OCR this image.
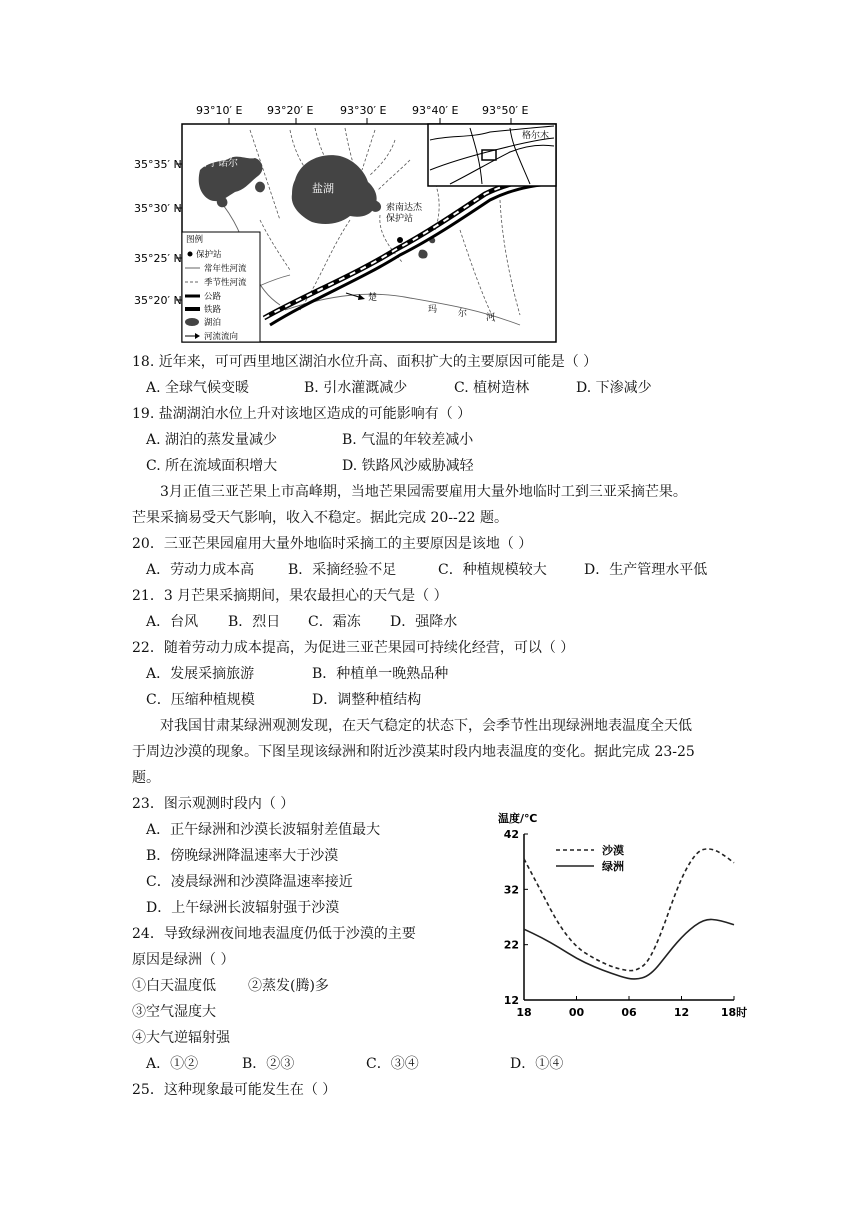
93°10′ E 93°20′ E 93°30′ E 93°40′ E 93°50′ E
35°35′ N
35°30′ N
35°25′ N
35°20′ N
图例
保护站
常年性河流
季节性河流
公路
铁路
湖泊
河流流向
海丁诺尔
盐湖
索南达杰 保护站
格尔木
楚
玛 尔 河
18. 近年来，可可西里地区湖泊水位升高、面积扩大的主要原因可能是（ ）
A. 全球气候变暖	B. 引水灌溉减少	C. 植树造林	D. 下渗减少
19. 盐湖湖泊水位上升对该地区造成的可能影响有（ ）
A. 湖泊的蒸发量减少	B. 气温的年较差减小
C. 所在流域面积增大	D. 铁路风沙威胁减轻
3月正值三亚芒果上市高峰期，当地芒果园需要雇用大量外地临时工到三亚采摘芒果。
芒果采摘易受天气影响，收入不稳定。据此完成 20--22 题。
20．三亚芒果园雇用大量外地临时采摘工的主要原因是该地（ ）
A．劳动力成本高 B．采摘经验不足	C．种植规模较大	D．生产管理水平低
21．3 月芒果采摘期间，果农最担心的天气是（ ）
A．台风 B．烈日 C．霜冻 D．强降水
22．随着劳动力成本提高，为促进三亚芒果园可持续化经营，可以（ ）
A．发展采摘旅游	B．种植单一晚熟品种
C．压缩种植规模	D．调整种植结构
对我国甘肃某绿洲观测发现，在天气稳定的状态下，会季节性出现绿洲地表温度全天低
于周边沙漠的现象。下图呈现该绿洲和附近沙漠某时段内地表温度的变化。据此完成 23-25
题。
23．图示观测时段内（ ）
A．正午绿洲和沙漠长波辐射差值最大
B．傍晚绿洲降温速率大于沙漠
C．凌晨绿洲和沙漠降温速率接近
D．上午绿洲长波辐射强于沙漠
24．导致绿洲夜间地表温度仍低于沙漠的主要
原因是绿洲（ ）
①白天温度低 ②蒸发(腾)多
③空气湿度大
④大气逆辐射强
A．①②	B．②③	C．③④	D．①④
25．这种现象最可能发生在（ ）
温度/℃
12
22
32
42
18	00	06	12	18时
沙漠
绿洲
